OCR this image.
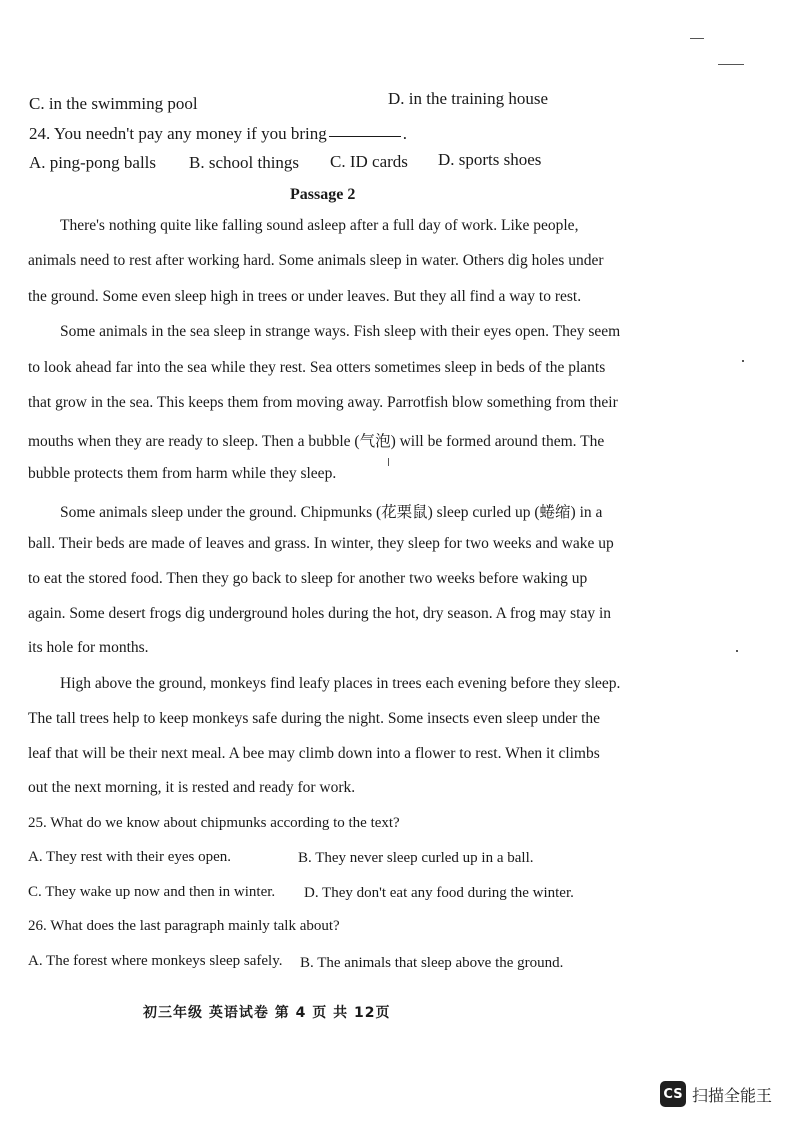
C. in the swimming pool	D. in the training house
24. You needn't pay any money if you bring	.
A. ping-pong balls B. school things C. ID cards D. sports shoes
Passage 2
There's nothing quite like falling sound asleep after a full day of work. Like people,
animals need to rest after working hard. Some animals sleep in water. Others dig holes under
the ground. Some even sleep high in trees or under leaves. But they all find a way to rest.
Some animals in the sea sleep in strange ways. Fish sleep with their eyes open. They seem
to look ahead far into the sea while they rest. Sea otters sometimes sleep in beds of the plants
that grow in the sea. This keeps them from moving away. Parrotfish blow something from their
mouths when they are ready to sleep. Then a bubble (气泡) will be formed around them. The
bubble protects them from harm while they sleep.
Some animals sleep under the ground. Chipmunks (花栗鼠) sleep curled up (蜷缩) in a
ball. Their beds are made of leaves and grass. In winter, they sleep for two weeks and wake up
to eat the stored food. Then they go back to sleep for another two weeks before waking up
again. Some desert frogs dig underground holes during the hot, dry season. A frog may stay in
its hole for months.
High above the ground, monkeys find leafy places in trees each evening before they sleep.
The tall trees help to keep monkeys safe during the night. Some insects even sleep under the
leaf that will be their next meal. A bee may climb down into a flower to rest. When it climbs
out the next morning, it is rested and ready for work.
25. What do we know about chipmunks according to the text?
A. They rest with their eyes open.	B. They never sleep curled up in a ball.
C. They wake up now and then in winter. D. They don't eat any food during the winter.
26. What does the last paragraph mainly talk about?
A. The forest where monkeys sleep safely. B. The animals that sleep above the ground.
初三年级 英语试卷 第 4 页 共 12页
CS 扫描全能王
